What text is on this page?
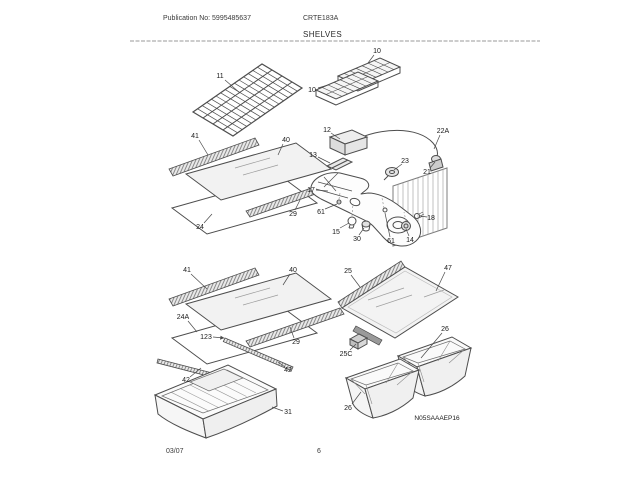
Publication No: 5995485637	CRTE183A
SHELVES
11
10
10
41
40
12	22A
13
23
21
17
61
15
30	61 14
18
29
24
41	40
24A
123
29
42
42
31
25	47
25C
26
26
N05SAAAEP16
03/07	6
